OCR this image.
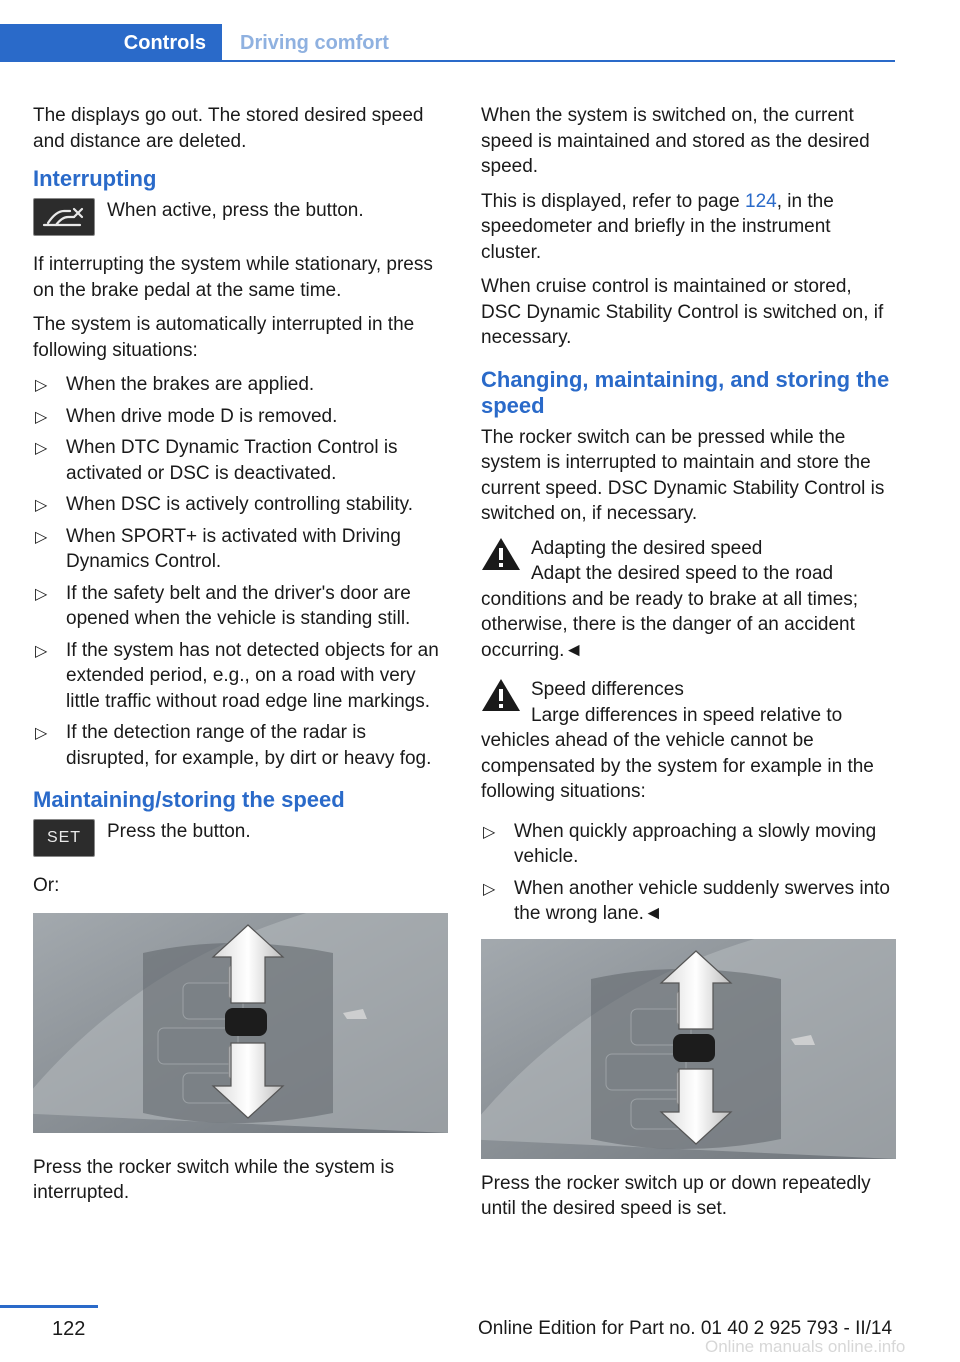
Controls Driving comfort

The displays go out. The stored desired speed and distance are deleted.

Interrupting
When active, press the button.

If interrupting the system while stationary, press on the brake pedal at the same time.

The system is automatically interrupted in the following situations:

▷ When the brakes are applied.
▷ When drive mode D is removed.
▷ When DTC Dynamic Traction Control is activated or DSC is deactivated.
▷ When DSC is actively controlling stability.
▷ When SPORT+ is activated with Driving Dynamics Control.
▷ If the safety belt and the driver's door are opened when the vehicle is standing still.
▷ If the system has not detected objects for an extended period, e.g., on a road with very little traffic without road edge line markings.
▷ If the detection range of the radar is disrupted, for example, by dirt or heavy fog.
Maintaining/storing the speed
SET	Press the button.

Or:

Press the rocker switch while the system is interrupted.

When the system is switched on, the current speed is maintained and stored as the desired speed.

This is displayed, refer to page 124, in the speedometer and briefly in the instrument cluster.

When cruise control is maintained or stored, DSC Dynamic Stability Control is switched on, if necessary.

Changing, maintaining, and storing the speed

The rocker switch can be pressed while the system is interrupted to maintain and store the current speed. DSC Dynamic Stability Control is switched on, if necessary.

Adapting the desired speed
Adapt the desired speed to the road conditions and be ready to brake at all times; otherwise, there is the danger of an accident occurring.◄
Speed differences
Large differences in speed relative to vehicles ahead of the vehicle cannot be compensated by the system for example in the following situations:
▷ When quickly approaching a slowly moving vehicle.
▷ When another vehicle suddenly swerves into the wrong lane.◄

Press the rocker switch up or down repeatedly until the desired speed is set.

122	Online Edition for Part no. 01 40 2 925 793 - II/14
Online manuals online.info
